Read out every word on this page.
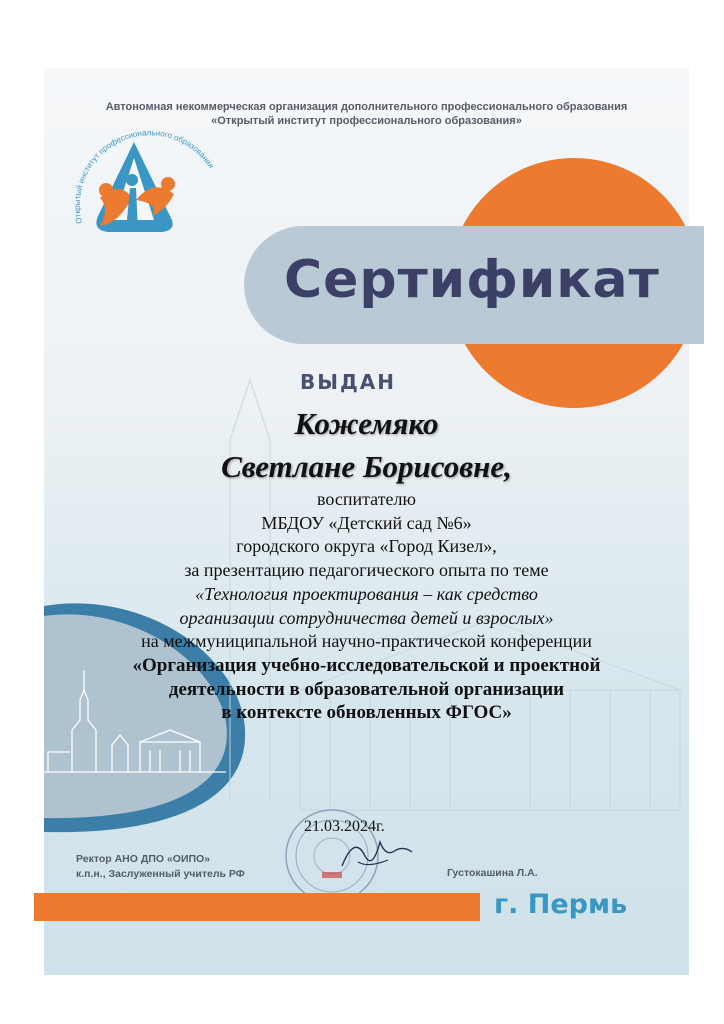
Автономная некоммерческая организация дополнительного профессионального образования
«Открытый институт профессионального образования»
Открытый институт профессионального образования
Сертификат
ВЫДАН
Кожемяко
Светлане Борисовне,
воспитателю
МБДОУ «Детский сад №6»
городского округа «Город Кизел»,
за презентацию педагогического опыта по теме
«Технология проектирования – как средство
организации сотрудничества детей и взрослых»
на межмуниципальной научно-практической конференции
«Организация учебно-исследовательской и проектной
деятельности в образовательной организации
в контексте обновленных ФГОС»
21.03.2024г.
Ректор АНО ДПО «ОИПО»
к.п.н., Заслуженный учитель РФ	Густокашина Л.А.
г. Пермь
